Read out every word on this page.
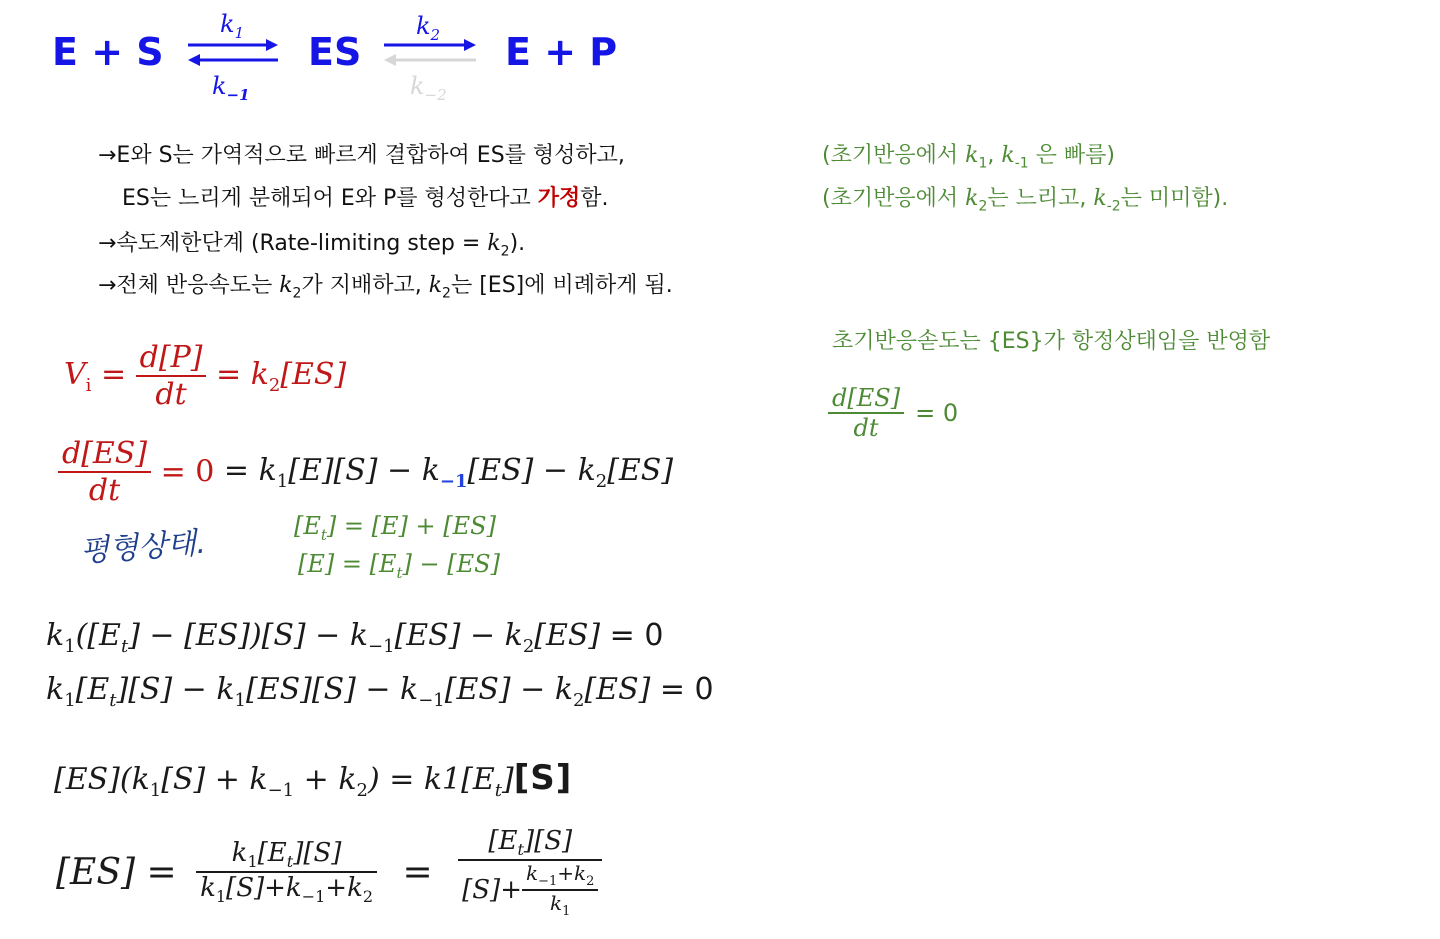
E + S
$k_1$
$k_{-1}$
ES
$k_2$
$k_{-2}$
E + P
→E와 S는 가역적으로 빠르게 결합하여 ES를 형성하고,
ES는 느리게 분해되어 E와 P를 형성한다고 가정함.
→속도제한단계 (Rate-limiting step = $k_2$).
→전체 반응속도는 $k_2$가 지배하고, $k_2$는 [ES]에 비례하게 됨.
(초기반응에서 $k_1$, $k_{-1}$ 은 빠름)
(초기반응에서 $k_2$는 느리고, $k_{-2}$는 미미함).
초기반응솓도는 {ES}가 항정상태임을 반영함
$\frac{d[ES]}{dt} = 0$
$V_i = \frac{d[P]}{dt} = k_2[ES]$
$\frac{d[ES]}{dt} = 0 = k_1[E][S] - k_{-1}[ES] - k_2[ES]$
평형상태.	$[E_t] = [E] + [ES]$
$[E] = [E_t] - [ES]$
$k_1([E_t] - [ES])[S] - k_{-1}[ES] - k_2[ES] = 0$
$k_1[E_t][S] - k_1[ES][S] - k_{-1}[ES] - k_2[ES] = 0$
$[ES](k_1[S] + k_{-1} + k_2) = k1[E_t][S]$
$[ES] = \frac{k_1[E_t][S]}{k_1[S]+k_{-1}+k_2} = \frac{[E_t][S]}{[S]+ \frac{k_{-1}+k_2}{k_1}}$
